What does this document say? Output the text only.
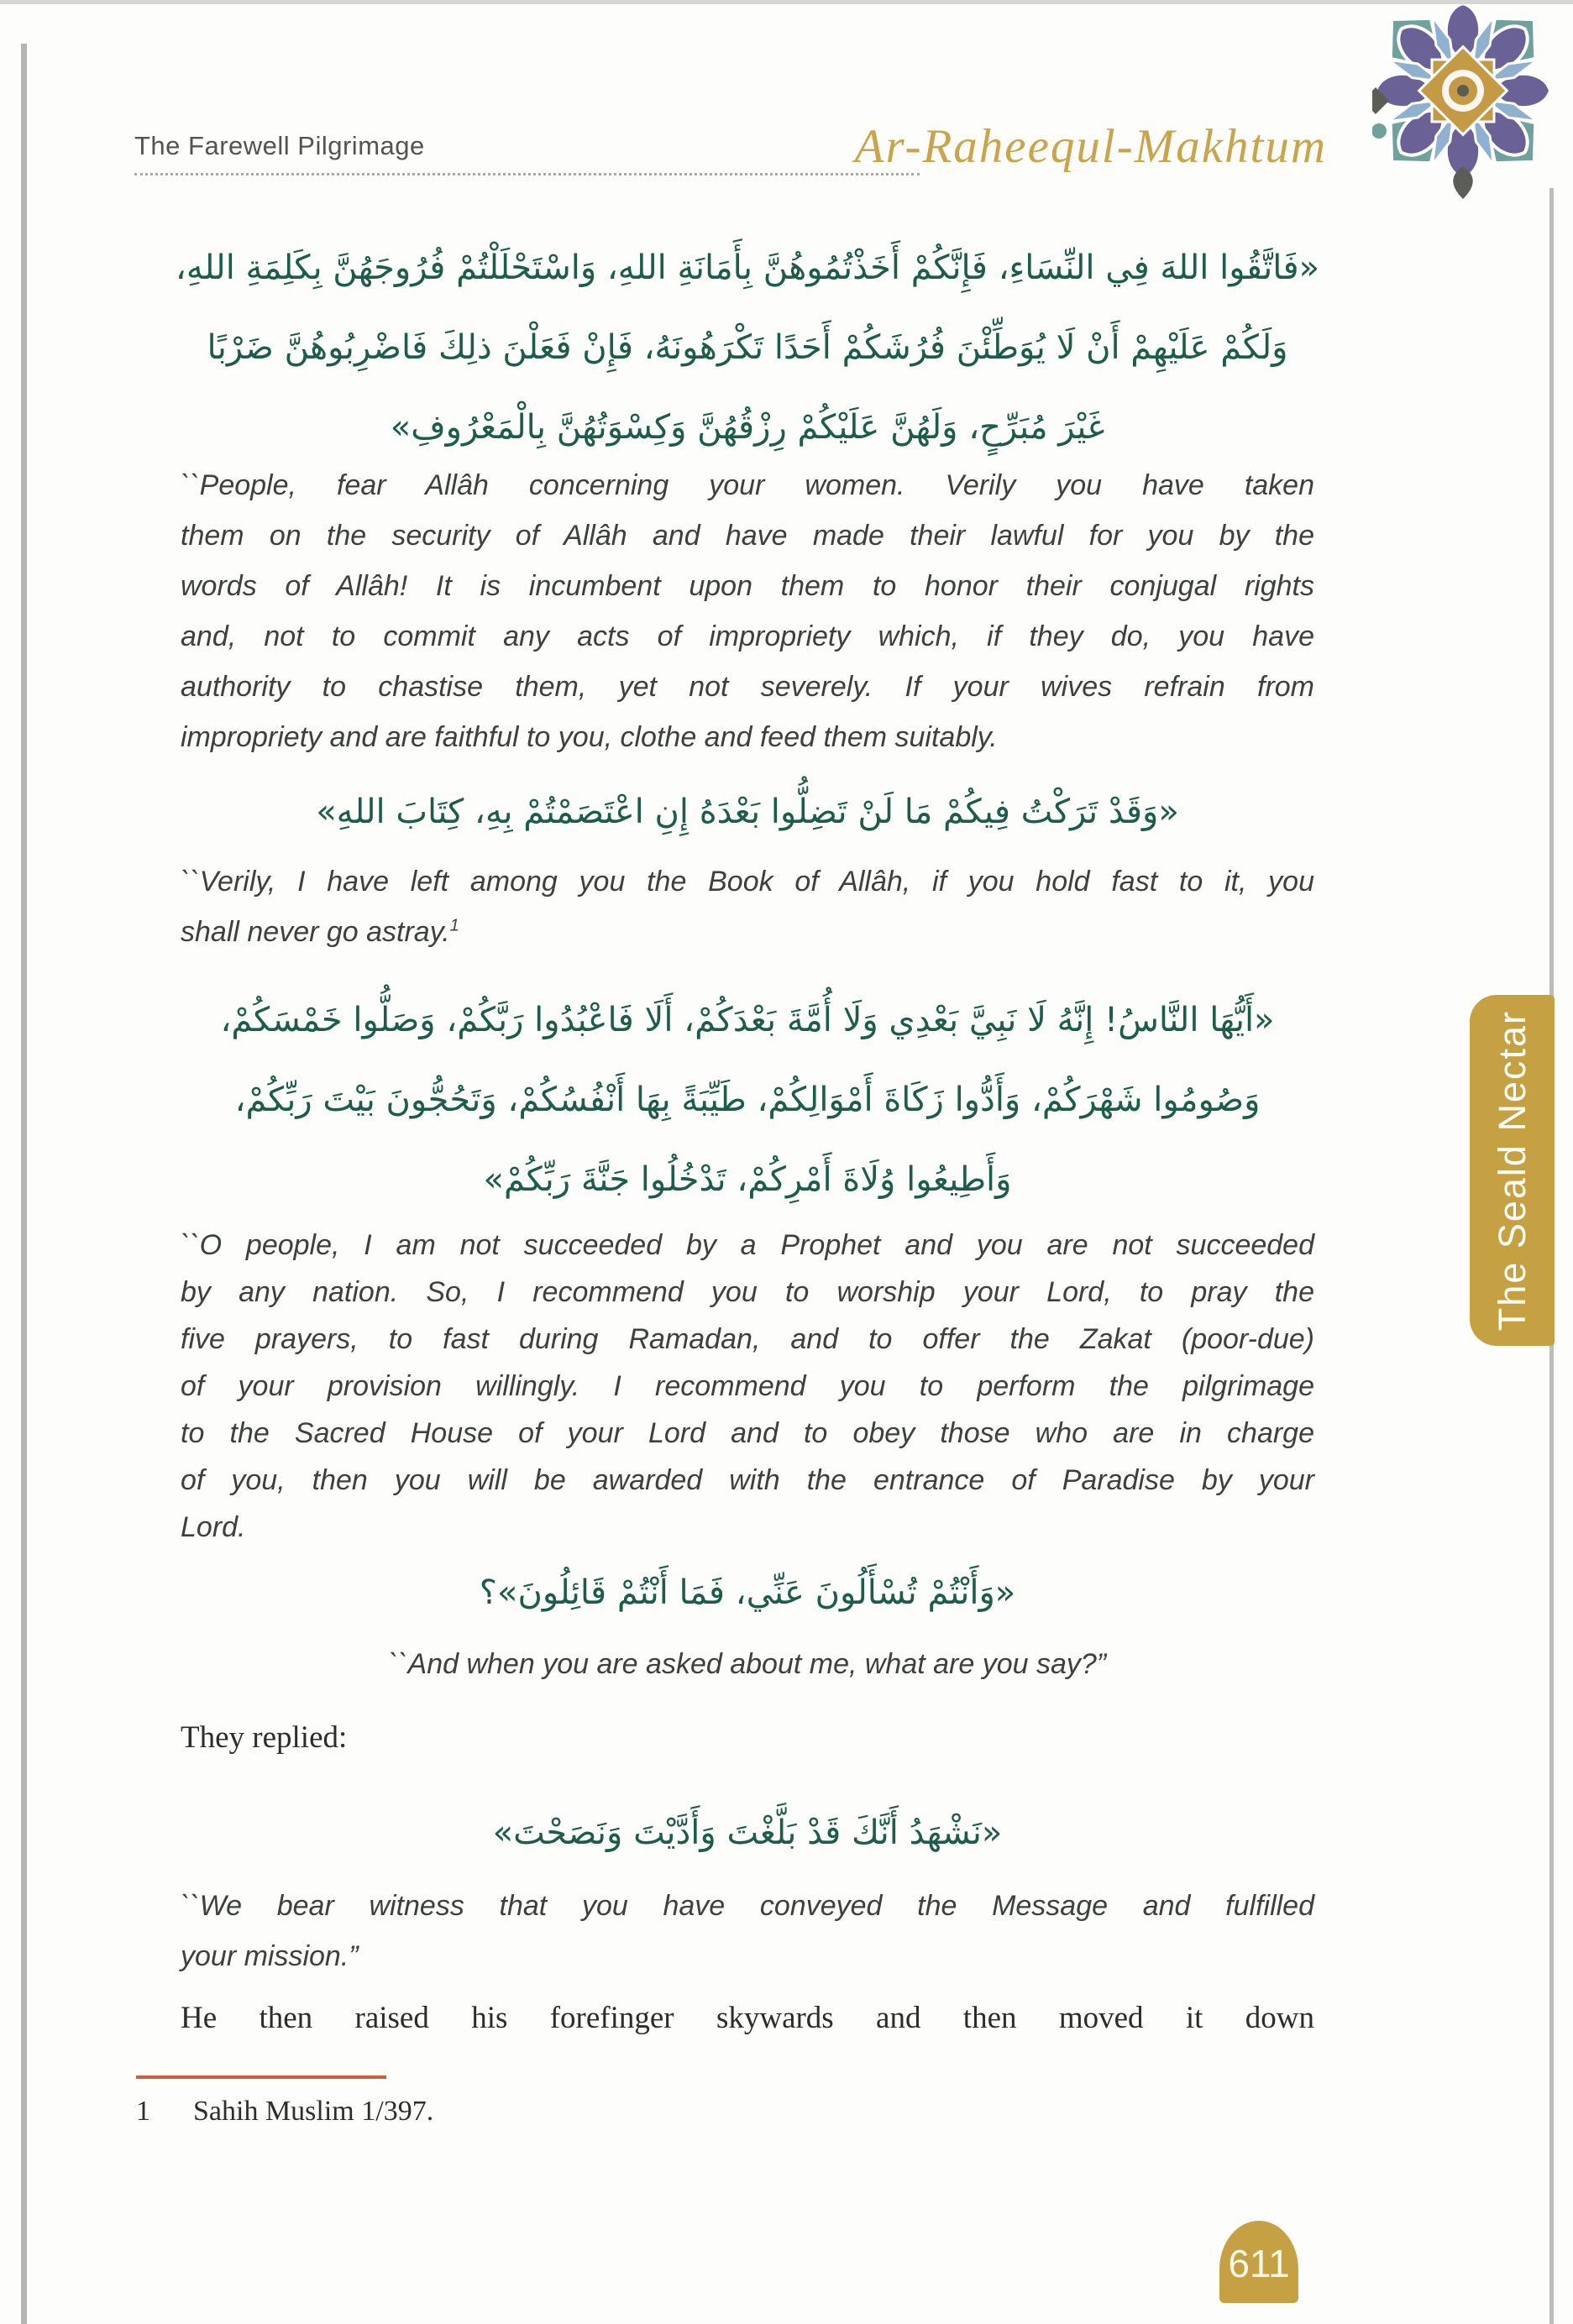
The Farewell Pilgrimage	Ar-Raheequl-Makhtum
«فَاتَّقُوا اللهَ فِي النِّسَاءِ، فَإِنَّكُمْ أَخَذْتُمُوهُنَّ بِأَمَانَةِ اللهِ، وَاسْتَحْلَلْتُمْ فُرُوجَهُنَّ بِكَلِمَةِ اللهِ،
وَلَكُمْ عَلَيْهِمْ أَنْ لَا يُوَطِّئْنَ فُرُشَكُمْ أَحَدًا تَكْرَهُونَهُ، فَإِنْ فَعَلْنَ ذلِكَ فَاضْرِبُوهُنَّ ضَرْبًا
غَيْرَ مُبَرِّحٍ، وَلَهُنَّ عَلَيْكُمْ رِزْقُهُنَّ وَكِسْوَتُهُنَّ بِالْمَعْرُوفِ»
``People, fear Allâh concerning your women. Verily you have taken
them on the security of Allâh and have made their lawful for you by the
words of Allâh! It is incumbent upon them to honor their conjugal rights
and, not to commit any acts of impropriety which, if they do, you have
authority to chastise them, yet not severely. If your wives refrain from
impropriety and are faithful to you, clothe and feed them suitably.
«وَقَدْ تَرَكْتُ فِيكُمْ مَا لَنْ تَضِلُّوا بَعْدَهُ إِنِ اعْتَصَمْتُمْ بِهِ، كِتَابَ اللهِ»
``Verily, I have left among you the Book of Allâh, if you hold fast to it, you
shall never go astray.$^1$
«أَيُّهَا النَّاسُ! إِنَّهُ لَا نَبِيَّ بَعْدِي وَلَا أُمَّةَ بَعْدَكُمْ، أَلَا فَاعْبُدُوا رَبَّكُمْ، وَصَلُّوا خَمْسَكُمْ،
وَصُومُوا شَهْرَكُمْ، وَأَدُّوا زَكَاةَ أَمْوَالِكُمْ، طَيِّبَةً بِهَا أَنْفُسُكُمْ، وَتَحُجُّونَ بَيْتَ رَبِّكُمْ،
وَأَطِيعُوا وُلَاةَ أَمْرِكُمْ، تَدْخُلُوا جَنَّةَ رَبِّكُمْ»
``O people, I am not succeeded by a Prophet and you are not succeeded
by any nation. So, I recommend you to worship your Lord, to pray the
five prayers, to fast during Ramadan, and to offer the Zakat (poor-due)
of your provision willingly. I recommend you to perform the pilgrimage
to the Sacred House of your Lord and to obey those who are in charge
of you, then you will be awarded with the entrance of Paradise by your
Lord.
«وَأَنْتُمْ تُسْأَلُونَ عَنِّي، فَمَا أَنْتُمْ قَائِلُونَ»؟
``And when you are asked about me, what are you say?”
They replied:
«نَشْهَدُ أَنَّكَ قَدْ بَلَّغْتَ وَأَدَّيْتَ وَنَصَحْتَ»
``We bear witness that you have conveyed the Message and fulfilled
your mission.”
He then raised his forefinger skywards and then moved it down
1 Sahih Muslim 1/397.
The Seald Nectar
611
